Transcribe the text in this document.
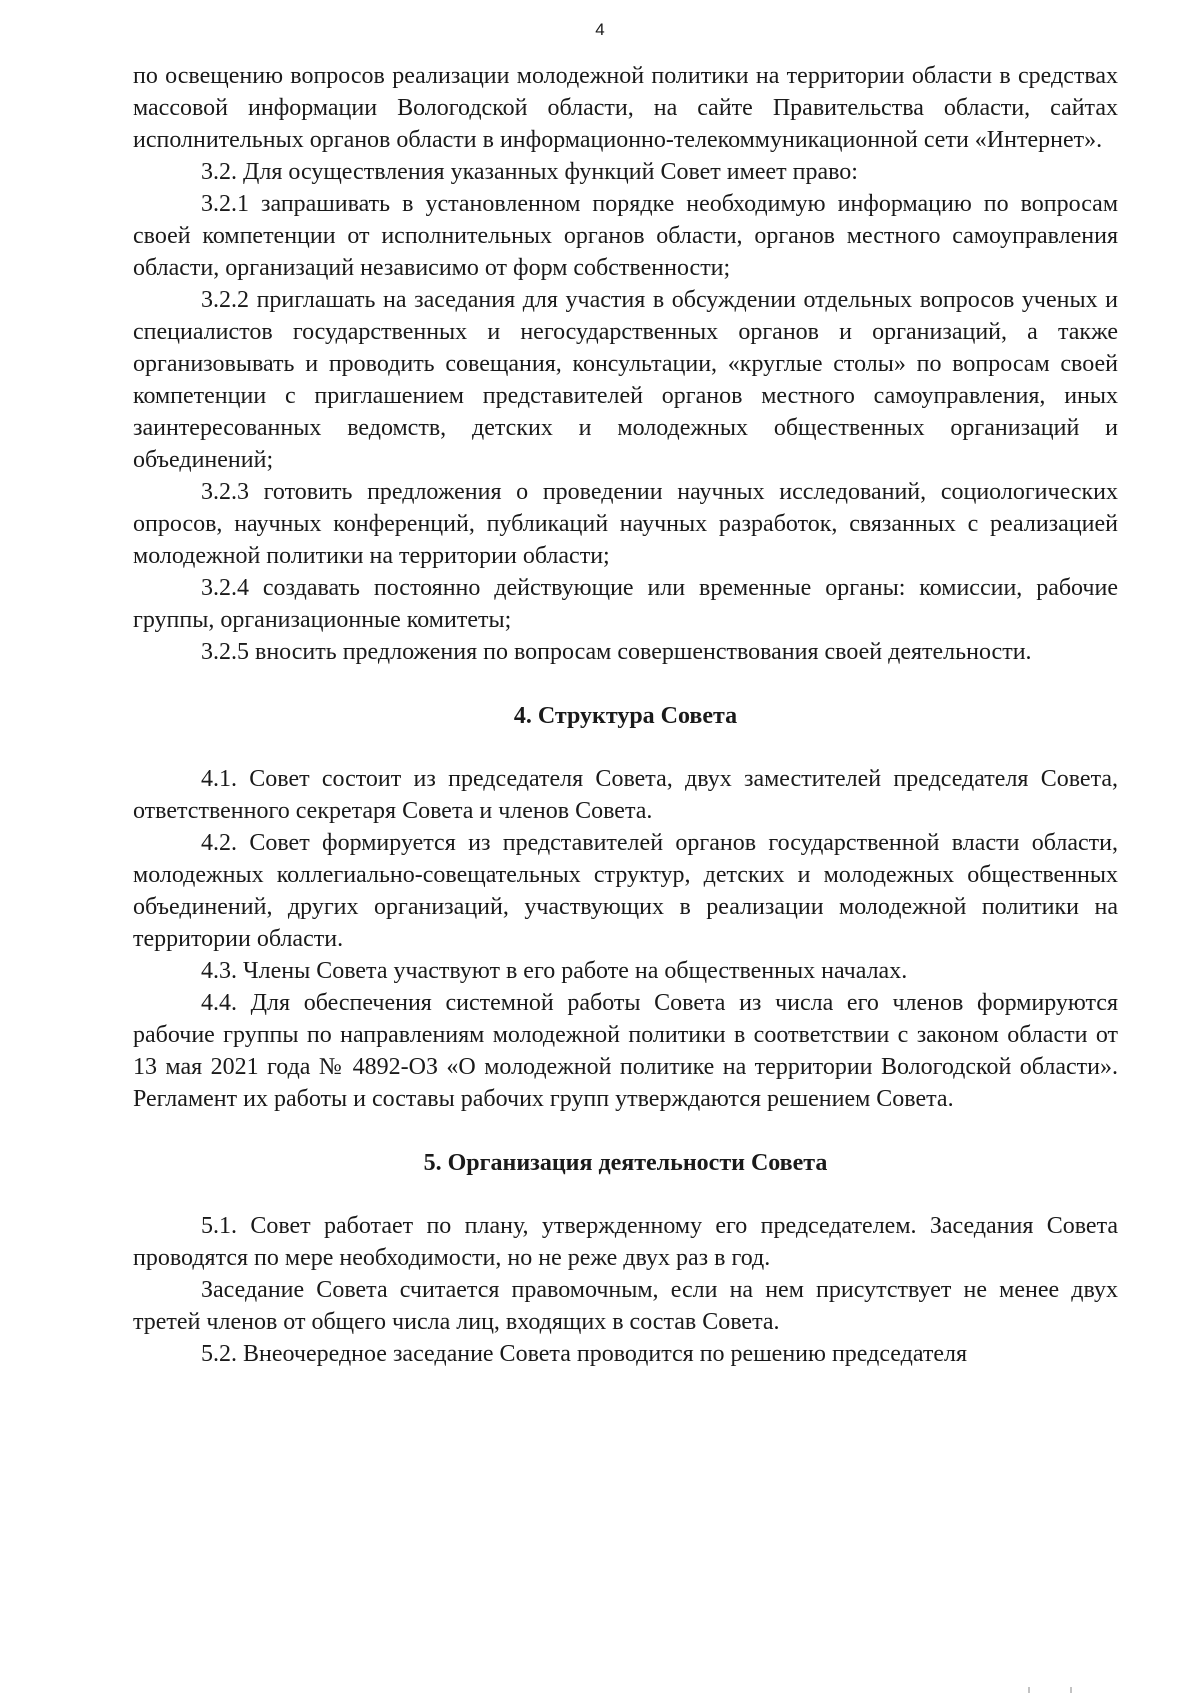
4

по освещению вопросов реализации молодежной политики на территории области в средствах массовой информации Вологодской области, на сайте Правительства области, сайтах исполнительных органов области в информационно-телекоммуникационной сети «Интернет».

3.2. Для осуществления указанных функций Совет имеет право:

3.2.1 запрашивать в установленном порядке необходимую информацию по вопросам своей компетенции от исполнительных органов области, органов местного самоуправления области, организаций независимо от форм собственности;

3.2.2 приглашать на заседания для участия в обсуждении отдельных вопросов ученых и специалистов государственных и негосударственных органов и организаций, а также организовывать и проводить совещания, консультации, «круглые столы» по вопросам своей компетенции с приглашением представителей органов местного самоуправления, иных заинтересованных ведомств, детских и молодежных общественных организаций и объединений;

3.2.3 готовить предложения о проведении научных исследований, социологических опросов, научных конференций, публикаций научных разработок, связанных с реализацией молодежной политики на территории области;

3.2.4 создавать постоянно действующие или временные органы: комиссии, рабочие группы, организационные комитеты;

3.2.5 вносить предложения по вопросам совершенствования своей деятельности.

4. Структура Совета

4.1. Совет состоит из председателя Совета, двух заместителей председателя Совета, ответственного секретаря Совета и членов Совета.

4.2. Совет формируется из представителей органов государственной власти области, молодежных коллегиально-совещательных структур, детских и молодежных общественных объединений, других организаций, участвующих в реализации молодежной политики на территории области.

4.3. Члены Совета участвуют в его работе на общественных началах.

4.4. Для обеспечения системной работы Совета из числа его членов формируются рабочие группы по направлениям молодежной политики в соответствии с законом области от 13 мая 2021 года № 4892-ОЗ «О молодежной политике на территории Вологодской области». Регламент их работы и составы рабочих групп утверждаются решением Совета.

5. Организация деятельности Совета

5.1. Совет работает по плану, утвержденному его председателем. Заседания Совета проводятся по мере необходимости, но не реже двух раз в год.

Заседание Совета считается правомочным, если на нем присутствует не менее двух третей членов от общего числа лиц, входящих в состав Совета.

5.2. Внеочередное заседание Совета проводится по решению председателя
